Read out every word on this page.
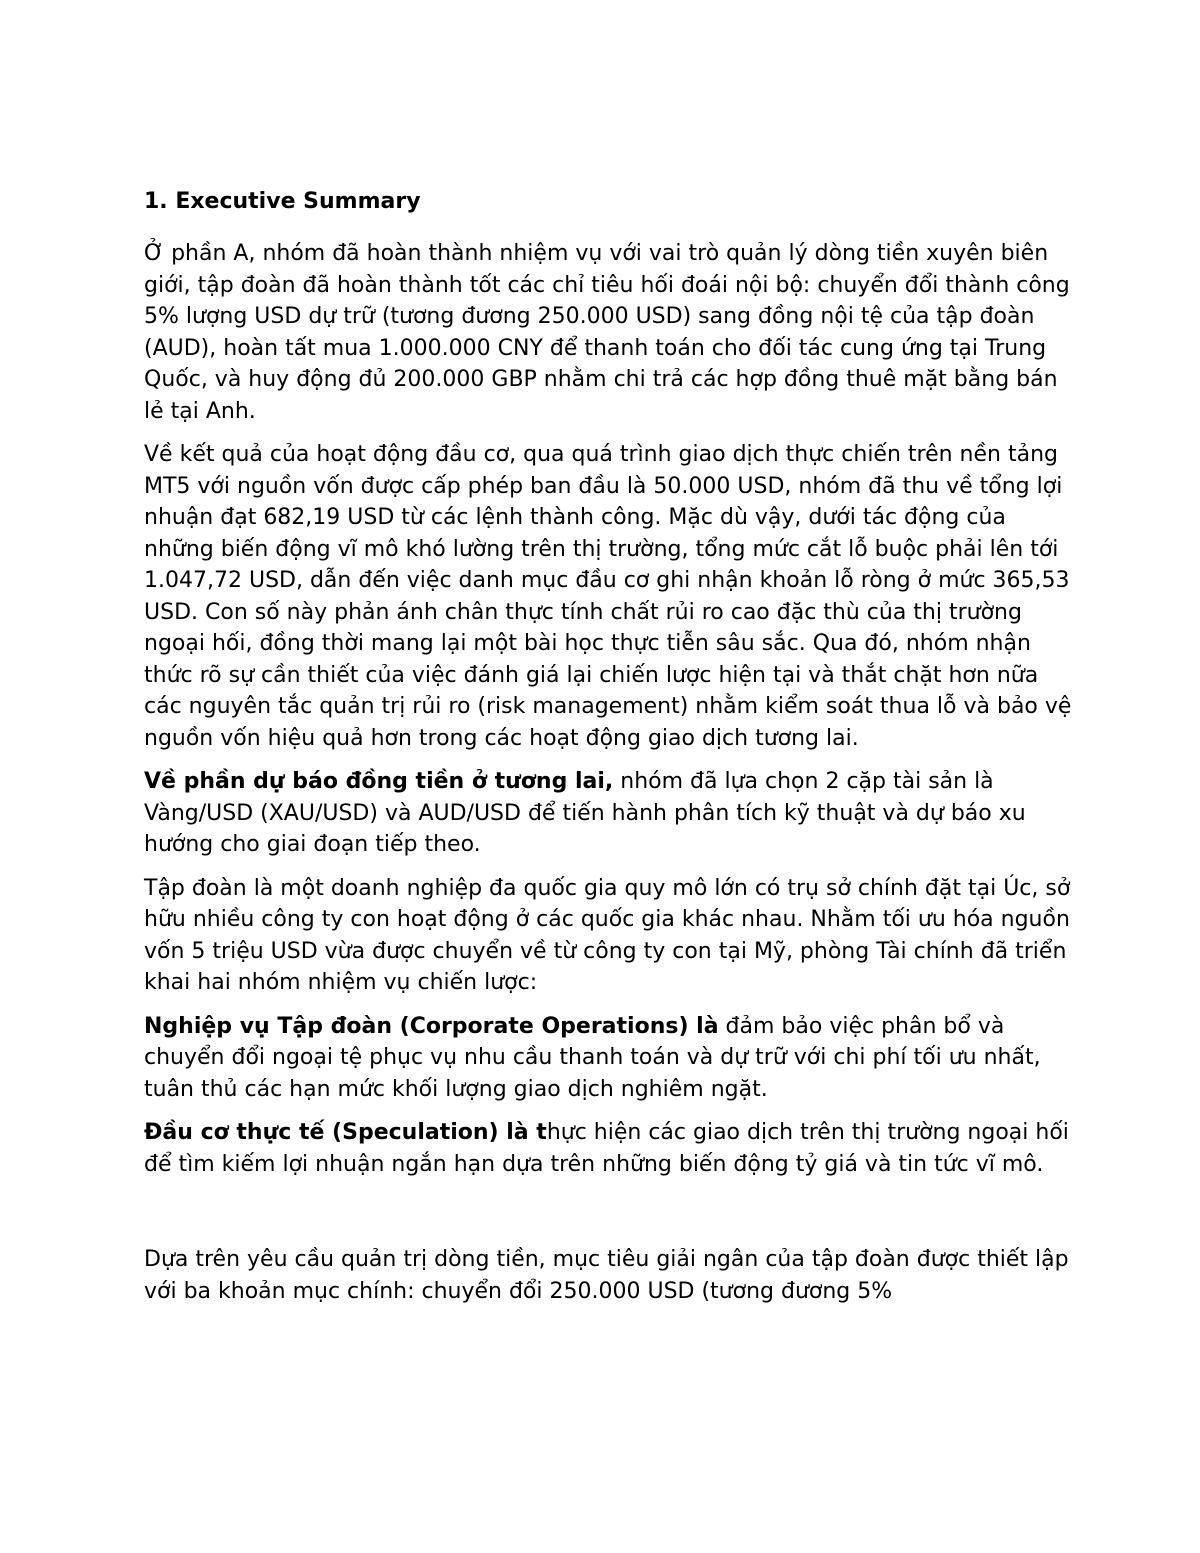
1. Executive Summary

Ở phần A, nhóm đã hoàn thành nhiệm vụ với vai trò quản lý dòng tiền xuyên biên giới, tập đoàn đã hoàn thành tốt các chỉ tiêu hối đoái nội bộ: chuyển đổi thành công 5% lượng USD dự trữ (tương đương 250.000 USD) sang đồng nội tệ của tập đoàn (AUD), hoàn tất mua 1.000.000 CNY để thanh toán cho đối tác cung ứng tại Trung Quốc, và huy động đủ 200.000 GBP nhằm chi trả các hợp đồng thuê mặt bằng bán lẻ tại Anh.

Về kết quả của hoạt động đầu cơ, qua quá trình giao dịch thực chiến trên nền tảng MT5 với nguồn vốn được cấp phép ban đầu là 50.000 USD, nhóm đã thu về tổng lợi nhuận đạt 682,19 USD từ các lệnh thành công. Mặc dù vậy, dưới tác động của những biến động vĩ mô khó lường trên thị trường, tổng mức cắt lỗ buộc phải lên tới 1.047,72 USD, dẫn đến việc danh mục đầu cơ ghi nhận khoản lỗ ròng ở mức 365,53 USD. Con số này phản ánh chân thực tính chất rủi ro cao đặc thù của thị trường ngoại hối, đồng thời mang lại một bài học thực tiễn sâu sắc. Qua đó, nhóm nhận thức rõ sự cần thiết của việc đánh giá lại chiến lược hiện tại và thắt chặt hơn nữa các nguyên tắc quản trị rủi ro (risk management) nhằm kiểm soát thua lỗ và bảo vệ nguồn vốn hiệu quả hơn trong các hoạt động giao dịch tương lai.

Về phần dự báo đồng tiền ở tương lai, nhóm đã lựa chọn 2 cặp tài sản là Vàng/USD (XAU/USD) và AUD/USD để tiến hành phân tích kỹ thuật và dự báo xu hướng cho giai đoạn tiếp theo.

Tập đoàn là một doanh nghiệp đa quốc gia quy mô lớn có trụ sở chính đặt tại Úc, sở hữu nhiều công ty con hoạt động ở các quốc gia khác nhau. Nhằm tối ưu hóa nguồn vốn 5 triệu USD vừa được chuyển về từ công ty con tại Mỹ, phòng Tài chính đã triển khai hai nhóm nhiệm vụ chiến lược:

Nghiệp vụ Tập đoàn (Corporate Operations) là đảm bảo việc phân bổ và chuyển đổi ngoại tệ phục vụ nhu cầu thanh toán và dự trữ với chi phí tối ưu nhất, tuân thủ các hạn mức khối lượng giao dịch nghiêm ngặt.

Đầu cơ thực tế (Speculation) là thực hiện các giao dịch trên thị trường ngoại hối để tìm kiếm lợi nhuận ngắn hạn dựa trên những biến động tỷ giá và tin tức vĩ mô.

Dựa trên yêu cầu quản trị dòng tiền, mục tiêu giải ngân của tập đoàn được thiết lập với ba khoản mục chính: chuyển đổi 250.000 USD (tương đương 5%
